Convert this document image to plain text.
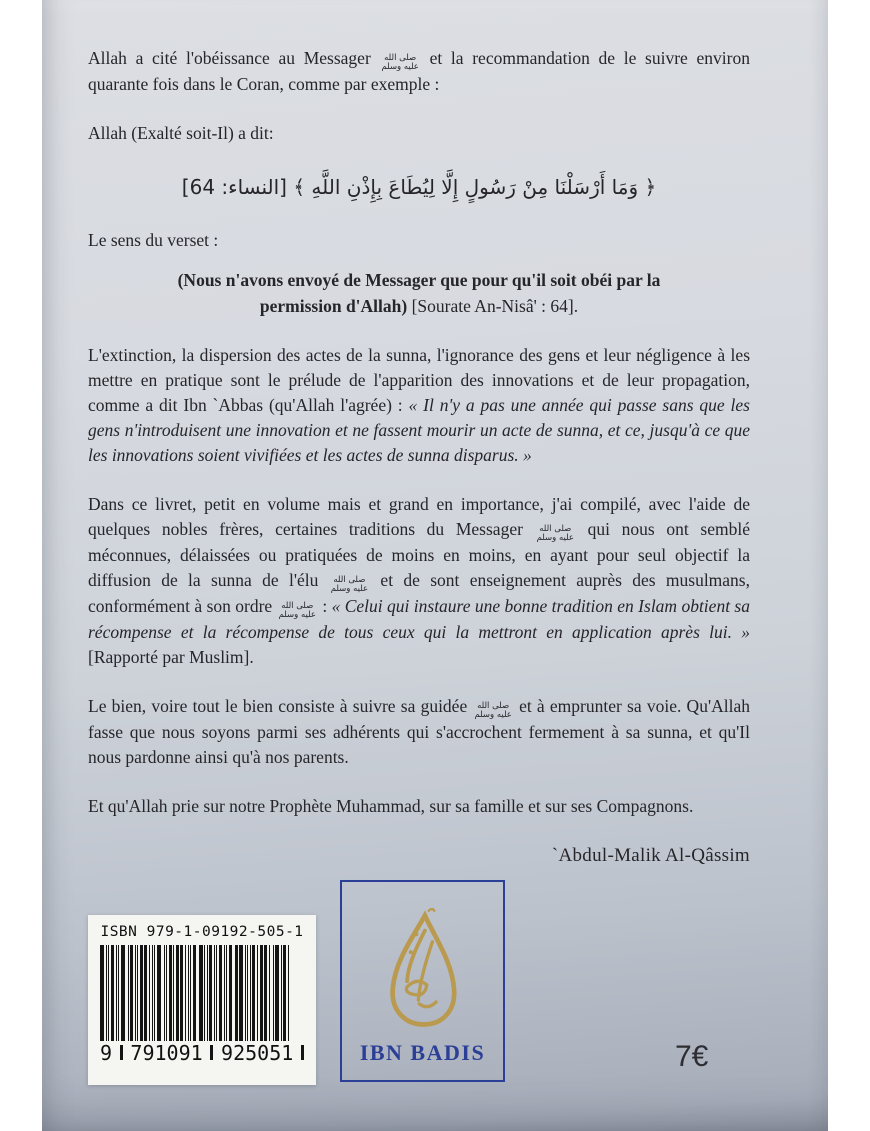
Allah a cité l'obéissance au Messager صلى الله
عليه وسلم et la recommandation de le suivre environ quarante fois dans le Coran, comme par exemple :

Allah (Exalté soit-Il) a dit:

﴿ وَمَا أَرْسَلْنَا مِنْ رَسُولٍ إِلَّا لِيُطَاعَ بِإِذْنِ اللَّهِ ﴾ [النساء: 64]

Le sens du verset :

(Nous n'avons envoyé de Messager que pour qu'il soit obéi par la permission d'Allah) [Sourate An-Nisâ' : 64].

L'extinction, la dispersion des actes de la sunna, l'ignorance des gens et leur négligence à les mettre en pratique sont le prélude de l'apparition des innovations et de leur propagation, comme a dit Ibn `Abbas (qu'Allah l'agrée) : « Il n'y a pas une année qui passe sans que les gens n'introduisent une innovation et ne fassent mourir un acte de sunna, et ce, jusqu'à ce que les innovations soient vivifiées et les actes de sunna disparus. »

Dans ce livret, petit en volume mais et grand en importance, j'ai compilé, avec l'aide de quelques nobles frères, certaines traditions du Messager صلى الله
عليه وسلم qui nous ont semblé méconnues, délaissées ou pratiquées de moins en moins, en ayant pour seul objectif la diffusion de la sunna de l'élu صلى الله
عليه وسلم et de sont enseignement auprès des musulmans, conformément à son ordre صلى الله
عليه وسلم : « Celui qui instaure une bonne tradition en Islam obtient sa récompense et la récompense de tous ceux qui la mettront en application après lui. » [Rapporté par Muslim].

Le bien, voire tout le bien consiste à suivre sa guidée صلى الله
عليه وسلم et à emprunter sa voie. Qu'Allah fasse que nous soyons parmi ses adhérents qui s'accrochent fermement à sa sunna, et qu'Il nous pardonne ainsi qu'à nos parents.

Et qu'Allah prie sur notre Prophète Muhammad, sur sa famille et sur ses Compagnons.

`Abdul-Malik Al-Qâssim
ISBN 979-1-09192-505-1
9 791091 925051	IBN BADIS	7€
